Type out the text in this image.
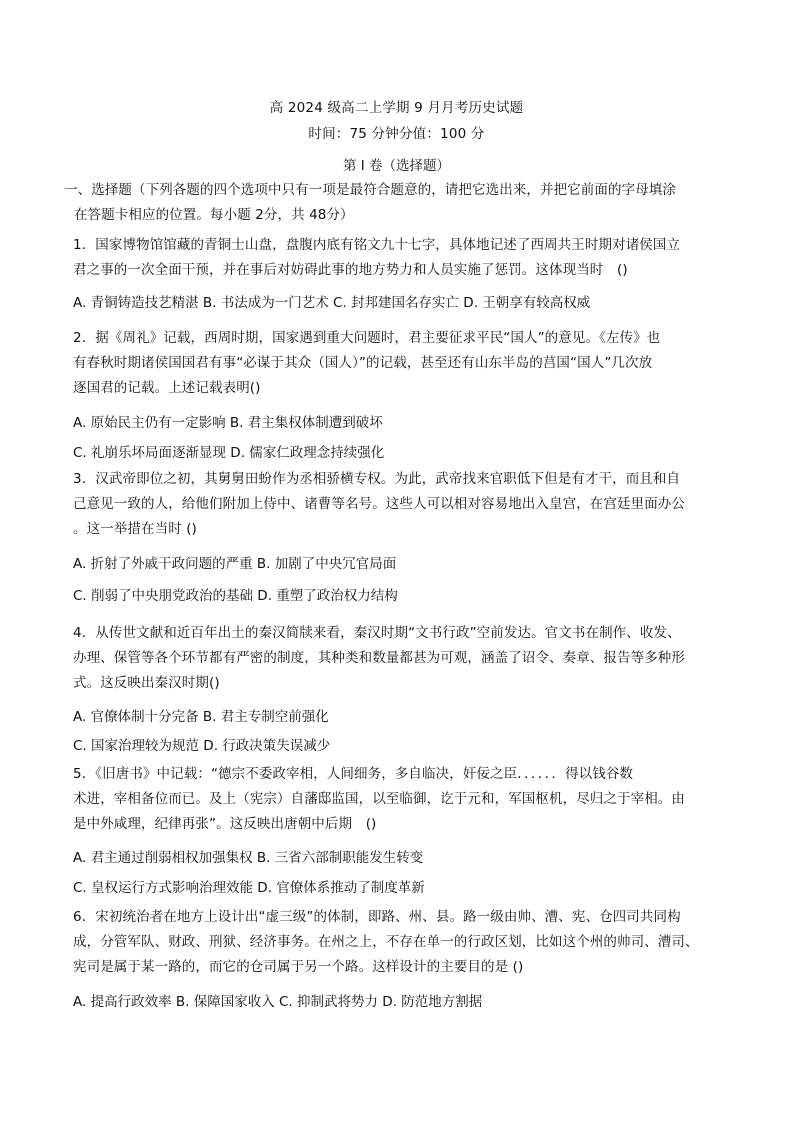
高 2024 级高二上学期 9 月月考历史试题
时间：75 分钟分值：100 分
第 I 卷（选择题）
一、选择题（下列各题的四个选项中只有一项是最符合题意的，请把它选出来，并把它前面的字母填涂
在答题卡相应的位置。每小题 2分，共 48分）
1．国家博物馆馆藏的青铜士山盘，盘腹内底有铭文九十七字，具体地记述了西周共王时期对诸侯国立
君之事的一次全面干预，并在事后对妨碍此事的地方势力和人员实施了惩罚。这体现当时　()
A. 青铜铸造技艺精湛 B. 书法成为一门艺术 C. 封邦建国名存实亡 D. 王朝享有较高权威
2．据《周礼》记载，西周时期，国家遇到重大问题时，君主要征求平民“国人”的意见。《左传》也
有春秋时期诸侯国国君有事“必谋于其众（国人）”的记载，甚至还有山东半岛的莒国“国人”几次放
逐国君的记载。上述记载表明()
A. 原始民主仍有一定影响 B. 君主集权体制遭到破坏
C. 礼崩乐坏局面逐渐显现 D. 儒家仁政理念持续强化
3．汉武帝即位之初，其舅舅田蚡作为丞相骄横专权。为此，武帝找来官职低下但是有才干，而且和自
己意见一致的人，给他们附加上侍中、诸曹等名号。这些人可以相对容易地出入皇宫，在宫廷里面办公
。这一举措在当时 ()
A. 折射了外戚干政问题的严重 B. 加剧了中央冗官局面
C. 削弱了中央朋党政治的基础 D. 重塑了政治权力结构
4．从传世文献和近百年出土的秦汉简牍来看，秦汉时期“文书行政”空前发达。官文书在制作、收发、
办理、保管等各个环节都有严密的制度，其种类和数量都甚为可观，涵盖了诏令、奏章、报告等多种形
式。这反映出秦汉时期()
A. 官僚体制十分完备 B. 君主专制空前强化
C. 国家治理较为规范 D. 行政决策失误减少
5．《旧唐书》中记载：“德宗不委政宰相，人间细务，多自临决，奸佞之臣．．．．．．得以钱谷数
术进，宰相备位而已。及上（宪宗）自藩邸监国，以至临御，讫于元和，军国枢机，尽归之于宰相。由
是中外咸理，纪律再张”。这反映出唐朝中后期　()
A. 君主通过削弱相权加强集权 B. 三省六部制职能发生转变
C. 皇权运行方式影响治理效能 D. 官僚体系推动了制度革新
6．宋初统治者在地方上设计出“虚三级”的体制，即路、州、县。路一级由帅、漕、宪、仓四司共同构
成，分管军队、财政、刑狱、经济事务。在州之上，不存在单一的行政区划，比如这个州的帅司、漕司、
宪司是属于某一路的，而它的仓司属于另一个路。这样设计的主要目的是 ()
A. 提高行政效率 B. 保障国家收入 C. 抑制武将势力 D. 防范地方割据
